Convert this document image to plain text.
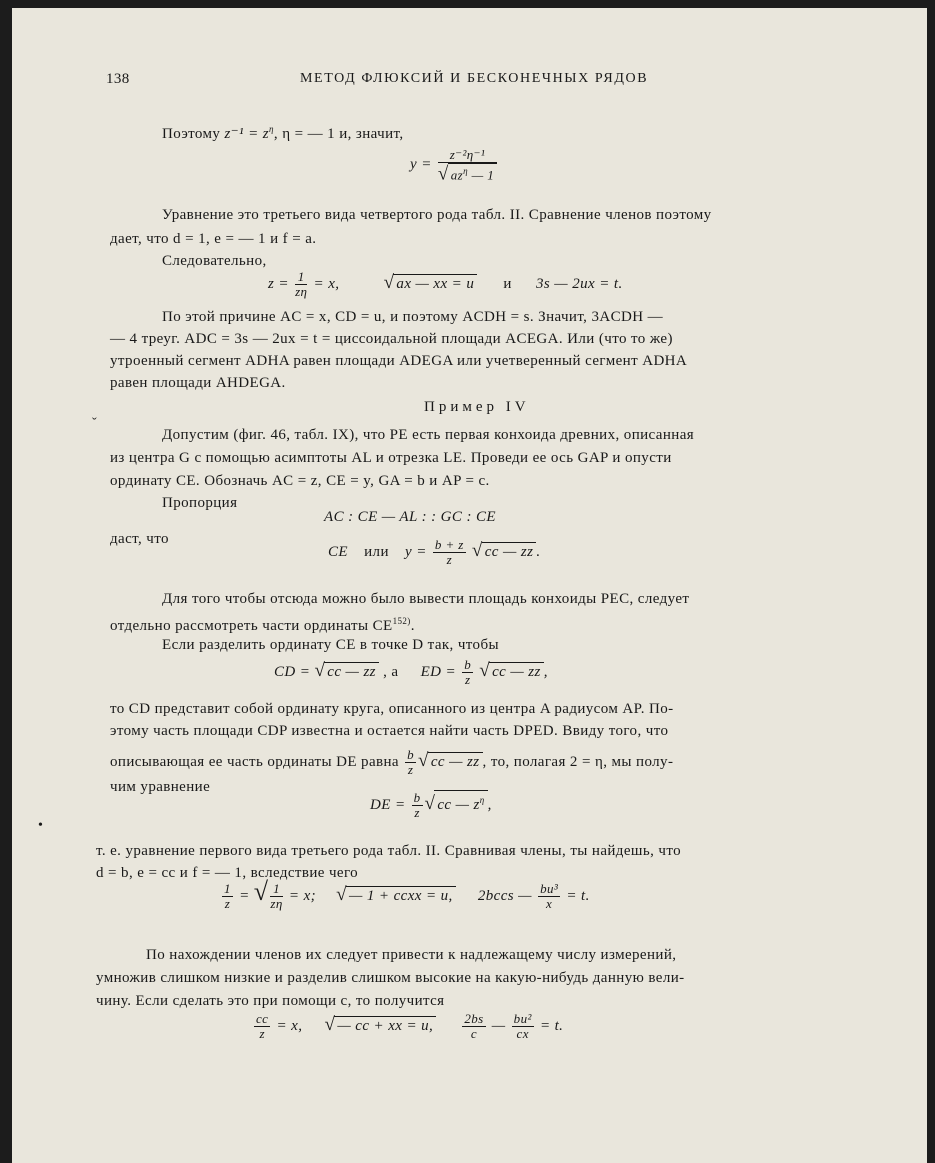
138	МЕТОД ФЛЮКСИЙ И БЕСКОНЕЧНЫХ РЯДОВ
Поэтому $z^{-1} = z^\eta$, η = — 1 и, значит,
$y = \frac{\text{z⁻²η⁻¹}}{√ az^\eta — 1}$
Уравнение это третьего вида четвертого рода табл. II. Сравнение членов поэтому
дает, что d = 1, e = — 1 и f = a.
Следовательно,
$z = \frac{1}{z\eta} = x$, √ ax — xx = u и 3s — 2ux = t.
По этой причине AC = x, CD = u, и поэтому ACDH = s. Значит, 3ACDH —
— 4 треуг. ADC = 3s — 2ux = t = циссоидальной площади ACEGA. Или (что то же)
утроенный сегмент ADHA равен площади ADEGA или учетверенный сегмент ADHA
равен площади AHDEGA.
Пример IV
ˇ
Допустим (фиг. 46, табл. IX), что PE есть первая конхоида древних, описанная
из центра G с помощью асимптоты AL и отрезка LE. Проведи ее ось GAP и опусти
ординату CE. Обозначь AC = z, CE = y, GA = b и AP = c.
Пропорция
AC : CE — AL : : GC : CE
даст, что
CE или $y = \frac{b + z}{z}$ √ cc — zz .
Для того чтобы отсюда можно было вывести площадь конхоиды PEC, следует
отдельно рассмотреть части ординаты CE$^{152)}$.
Если разделить ординату CE в точке D так, чтобы
CD = √ cc — zz , а ED = $\frac{b}{z}$ √ cc — zz ,
то CD представит собой ординату круга, описанного из центра A радиусом AP. По-
этому часть площади CDP известна и остается найти часть DPED. Ввиду того, что
описывающая ее часть ординаты DE равна $\frac{b}{z}$ √ cc — zz , то, полагая 2 = η, мы полу-
чим уравнение
DE = $\frac{b}{z}$ √ cc — $z^\eta$ ,
•
т. е. уравнение первого вида третьего рода табл. II. Сравнивая члены, ты найдешь, что
d = b, e = cc и f = — 1, вследствие чего
$\frac{1}{z}$ = √ $\frac{1}{z\eta} = x$; √ — 1 + ccxx = u, 2bccs — $\frac{\text{bu³}}{x} = t$.
По нахождении членов их следует привести к надлежащему числу измерений,
умножив слишком низкие и разделив слишком высокие на какую-нибудь данную вели-
чину. Если сделать это при помощи c, то получится
$\frac{cc}{z} = x$, √ — cc + xx = u, $\frac{2bs}{c}$ — $\frac{\text{bu²}}{cx} = t$.
